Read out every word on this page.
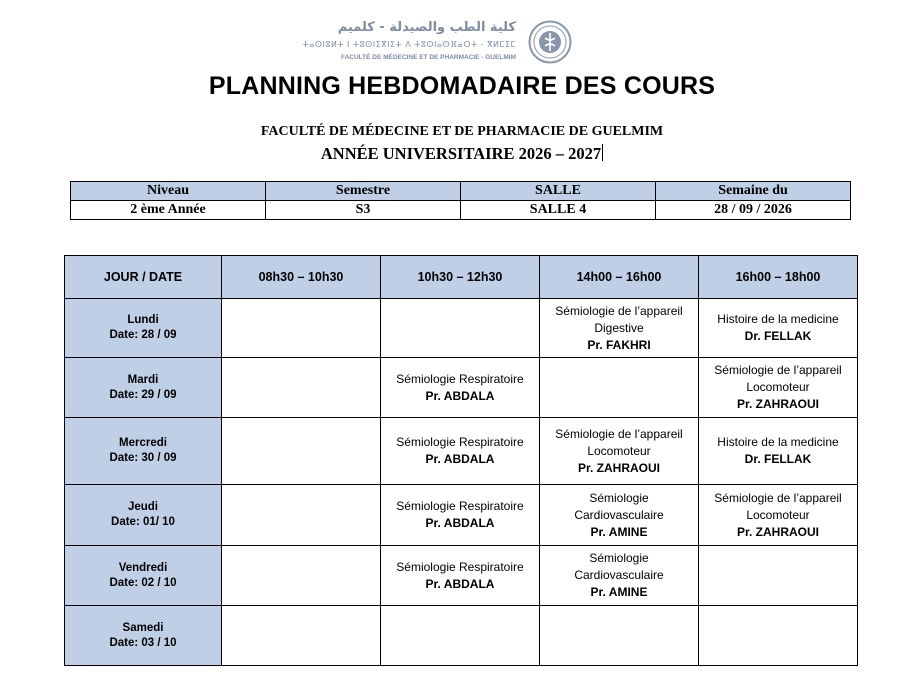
كلية الطب والصيدلة - كلميم
ⵜⴰⵙⵏⵓⵍⵜ ⵏ ⵜⵓⵙⵏⵉⴳⵏⵉⵜ ⴷ ⵜⵓⵙⵏⴰⵙⴼⴰⵔⵜ - ⴳⵍⵎⵉⵎ
FACULTÉ DE MÉDECINE ET DE PHARMACIE - GUELMIM
PLANNING HEBDOMADAIRE DES COURS
FACULTÉ DE MÉDECINE ET DE PHARMACIE DE GUELMIM
ANNÉE UNIVERSITAIRE 2026 – 2027
Niveau	Semestre	SALLE	Semaine du
2 ème Année	S3	SALLE 4	28 / 09 / 2026
JOUR / DATE	08h30 – 10h30	10h30 – 12h30	14h00 – 16h00	16h00 – 18h00

Lundi
Date: 28 / 09			Sémiologie de l’appareil
Digestive
Pr. FAKHRI	Histoire de la medicine
Dr. FELLAK

Mardi
Date: 29 / 09		Sémiologie Respiratoire
Pr. ABDALA		Sémiologie de l’appareil
Locomoteur
Pr. ZAHRAOUI

Mercredi
Date: 30 / 09		Sémiologie Respiratoire
Pr. ABDALA	Sémiologie de l’appareil
Locomoteur
Pr. ZAHRAOUI	Histoire de la medicine
Dr. FELLAK

Jeudi
Date: 01/ 10		Sémiologie Respiratoire
Pr. ABDALA	Sémiologie
Cardiovasculaire
Pr. AMINE	Sémiologie de l’appareil
Locomoteur
Pr. ZAHRAOUI

Vendredi
Date: 02 / 10		Sémiologie Respiratoire
Pr. ABDALA	Sémiologie
Cardiovasculaire
Pr. AMINE	

Samedi
Date: 03 / 10				
